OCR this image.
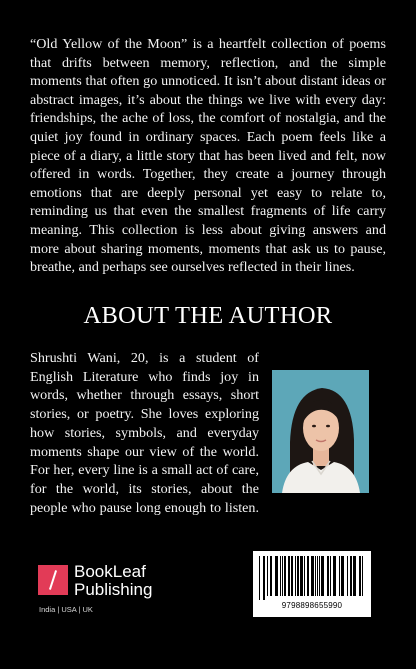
“Old Yellow of the Moon” is a heartfelt collection of poems that drifts between memory, reflection, and the simple moments that often go unnoticed. It isn’t about distant ideas or abstract images, it’s about the things we live with every day: friendships, the ache of loss, the comfort of nostalgia, and the quiet joy found in ordinary spaces. Each poem feels like a piece of a diary, a little story that has been lived and felt, now offered in words. Together, they create a journey through emotions that are deeply personal yet easy to relate to, reminding us that even the smallest fragments of life carry meaning. This collection is less about giving answers and more about sharing moments, moments that ask us to pause, breathe, and perhaps see ourselves reflected in their lines.
ABOUT THE AUTHOR
Shrushti Wani, 20, is a student of English Literature who finds joy in words, whether through essays, short stories, or poetry. She loves exploring how stories, symbols, and everyday moments shape our view of the world. For her, every line is a small act of care, for the world, its stories, about the people who pause long enough to listen.
BookLeaf
Publishing
India | USA | UK	9798898655990
